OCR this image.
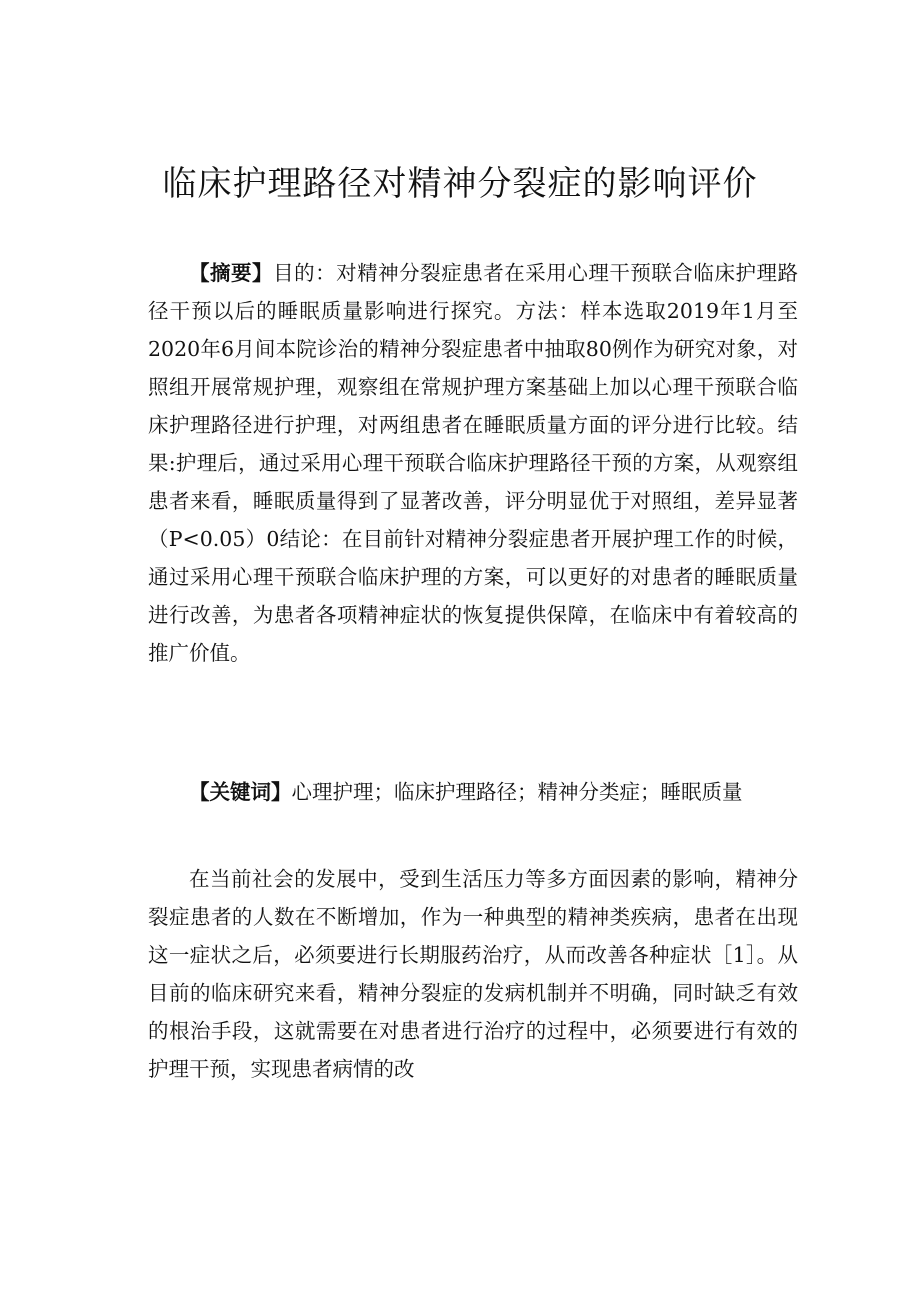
临床护理路径对精神分裂症的影响评价

【摘要】目的：对精神分裂症患者在采用心理干预联合临床护理路径干预以后的睡眠质量影响进行探究。方法：样本选取2019年1月至2020年6月间本院诊治的精神分裂症患者中抽取80例作为研究对象，对照组开展常规护理，观察组在常规护理方案基础上加以心理干预联合临床护理路径进行护理，对两组患者在睡眠质量方面的评分进行比较。结果:护理后，通过采用心理干预联合临床护理路径干预的方案，从观察组患者来看，睡眠质量得到了显著改善，评分明显优于对照组，差异显著（P<0.05）0结论：在目前针对精神分裂症患者开展护理工作的时候，通过采用心理干预联合临床护理的方案，可以更好的对患者的睡眠质量进行改善，为患者各项精神症状的恢复提供保障，在临床中有着较高的推广价值。

【关键词】心理护理；临床护理路径；精神分类症；睡眠质量

在当前社会的发展中，受到生活压力等多方面因素的影响，精神分裂症患者的人数在不断增加，作为一种典型的精神类疾病，患者在出现这一症状之后，必须要进行长期服药治疗，从而改善各种症状［1］。从目前的临床研究来看，精神分裂症的发病机制并不明确，同时缺乏有效的根治手段，这就需要在对患者进行治疗的过程中，必须要进行有效的护理干预，实现患者病情的改
